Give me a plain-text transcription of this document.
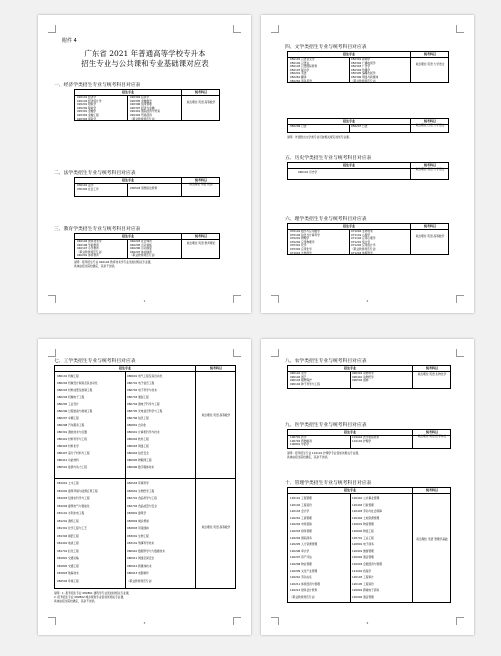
附件 4
广东省 2021 年普通高等学校专升本
招生专业与公共课和专业基础课对应表
一、经济学类招生专业与统考科目对应表
招生专业	统考科目
020101 经济学
020102 经济统计学
020201 财政学
020202 税收学
020301 金融学
020302 金融工程
020303 保险学
020304 投资学
020305 金融数学
020306 信用管理
020307 经济与金融
020401 国际经济与贸易
020402 贸易经济
（职业教育师范专业）
政治理论 英语 高等数学
二、法学类招生专业与统考科目对应表
招生专业	统考科目
030101 法学
030302 社会工作	030503 思想政治教育
政治理论 英语 民法
三、教育学类招生专业与统考科目对应表
招生专业	统考科目
040104 教育技术学
040106 学前教育
040107 小学教育
（职业教育师范专业）
040201 体育教育
040203 社会体育
040205 运动训练
040206 运动康复
040207 休闲体育
（职业教育师范专业）
政治理论 英语 教育理论
说明：报考招生专业 040104 教育技术学专业需加试相关专业课，
具体由招生院校确定，其余不加试。
1
四、文学类招生专业与统考科目对应表
招生专业	统考科目
050101 汉语言文学
050102 汉语言
050103 汉语国际教育
050107 秘书学
050201 英语
050261 翻译
050262 商务英语
050301 新闻学
050302 广播电视学
050303 广告学
050304 传播学
050305 编辑出版学
050306 网络与新媒体
（职业教育师范专业）
政治理论 英语 大学语文
招生专业	统考科目
050209 日语	050207 日语	政治理论 日语 大学语文
说明：外国语言文学类专业可按相关规定加试专业课。
五、历史学类招生专业与统考科目对应表
招生专业	统考科目
060101 历史学
政治理论 英语 大学语文
六、理学类招生专业与统考科目对应表
招生专业	统考科目
070101 数学与应用数学
070102 信息与计算科学
070201 物理学
070202 应用物理学
070301 化学
070302 应用化学
071001 生物科学
071002 生物技术
071101 心理学
071102 应用心理学
071201 统计学
071202 应用统计学
（职业教育师范专业）
071203 地理科学
政治理论 英语 高等数学
2
七、工学类招生专业与统考科目对应表
招生专业	统考科目
080101 机械工程
080202 机械设计制造及其自动化
080203 材料成型及控制工程
080204 机械电子工程
080205 工业设计
080206 过程装备与控制工程
080207 车辆工程
080208 汽车服务工程
080301 测控技术与仪器
080401 材料科学与工程
080403 材料化学
080407 高分子材料与工程
080412 功能材料
080501 能源与动力工程
080601 电气工程及其自动化
080701 电子信息工程
080702 电子科学与技术
080703 通信工程
080704 微电子科学与工程
080705 光电信息科学与工程
080706 信息工程
080801 自动化
080901 计算机科学与技术
080902 软件工程
080903 网络工程
080904 信息安全
080905 物联网工程
080906 数字媒体技术
政治理论 英语 高等数学
081001 土木工程
081002 建筑环境与能源应用工程
081003 给排水科学与工程
081004 建筑电气与智能化
081101 水利水电工程
081201 测绘工程
081301 化学工程与工艺
081302 制药工程
081401 地质工程
081701 轻化工程
081801 交通运输
081802 交通工程
081803 航海技术
082502 环境工程
082503 环境科学
082601 生物医学工程
082701 食品科学与工程
082702 食品质量与安全
082801 建筑学
082802 城乡规划
082803 风景园林
083001 生物工程
083101 刑事科学技术
080910 数据科学与大数据技术
080911 网络空间安全
080912 新媒体技术
080913 电影制作
（职业教育师范专业）
政治理论 英语 高等数学
说明：1. 报考招生专业 082801 建筑学专业需加试相关专业课，
2. 报考招生专业 082802 城乡规划专业需加试相关专业课，
具体由招生院校确定，其余不加试。
3
八、农学类招生专业与统考科目对应表
招生专业	统考科目
090101 农学
090102 园艺
090103 植物保护
090104 种子科学与工程
090301 动物科学
090401 动物医学
090502 园林
政治理论 英语 生物化学
九、医学类招生专业与统考科目对应表
招生专业	统考科目
100701 药学
100702 药物制剂
100801 中药学
101001 医学检验技术
101101 护理学
政治理论 英语 医学综合
说明：报考招生专业 101101 护理学专业需加试相关专业课，
具体由招生院校确定，其余不加试。
十、管理学类招生专业与统考科目对应表
招生专业	统考科目
120101 工程管理
120102 工程造价
120103 会计学
120201 工商管理
120202 市场营销
120203 财务管理
120204 国际商务
120205 人力资源管理
120206 审计学
120207 资产评估
120208 物业管理
120209 文化产业管理
120210 劳动关系
120211 体育经济与管理
120212 财务会计教育
（职业教育师范专业）
120401 公共事业管理
120402 行政管理
120403 劳动与社会保障
120404 土地资源管理
120601 物流管理
120602 物流工程
120701 工业工程
120801 电子商务
120901 旅游管理
120902 酒店管理
120903 会展经济与管理
121001 档案学
120103 工程审计
120105 工程造价
120801 跨境电子商务
120902 酒店管理
政治理论 英语 管理学基础
4
